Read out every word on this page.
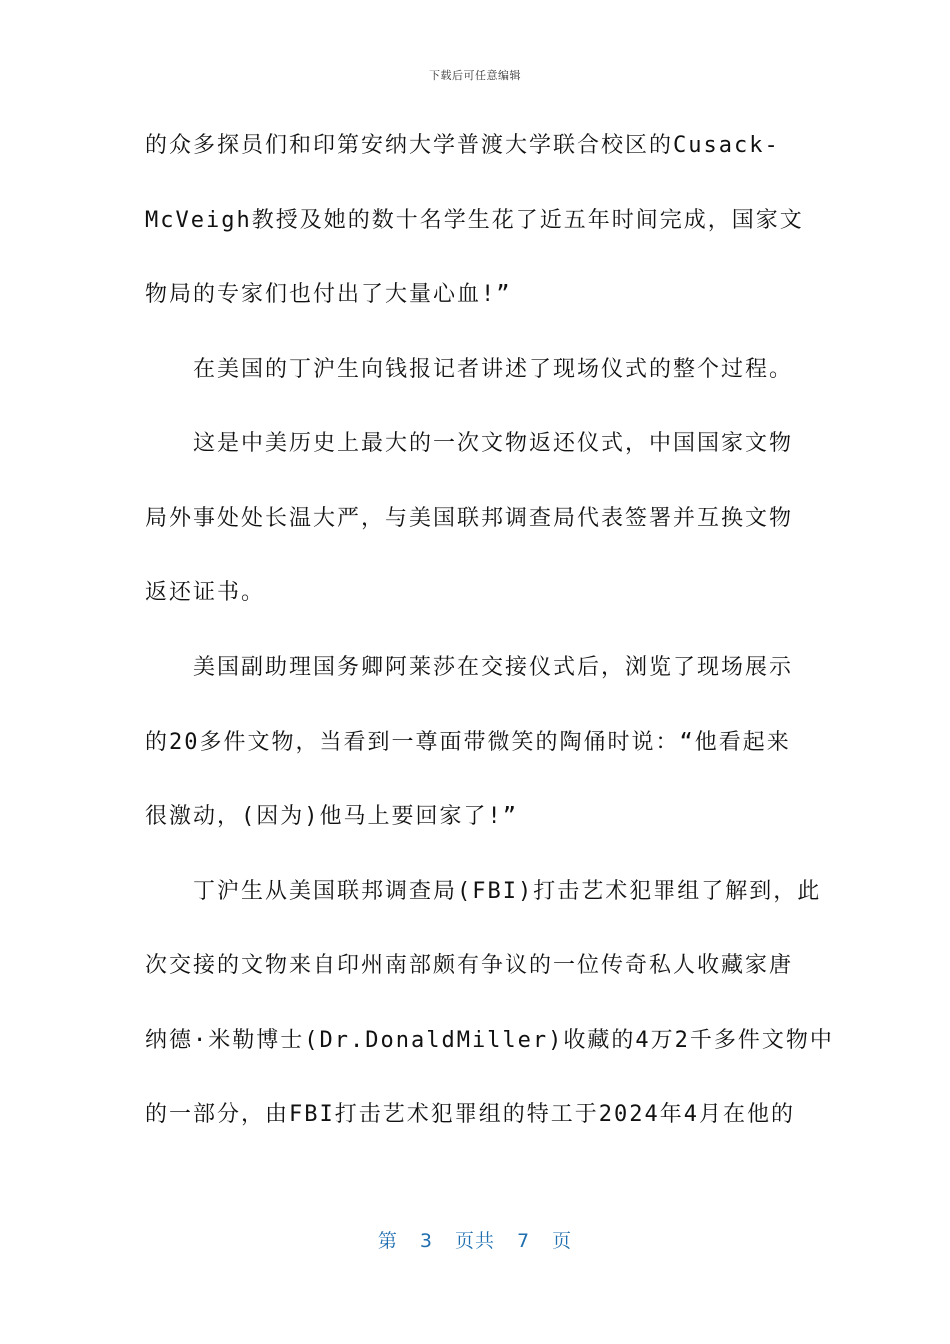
下载后可任意编辑
的众多探员们和印第安纳大学普渡大学联合校区的Cusack-
McVeigh教授及她的数十名学生花了近五年时间完成，国家文
物局的专家们也付出了大量心血!”
在美国的丁沪生向钱报记者讲述了现场仪式的整个过程。
这是中美历史上最大的一次文物返还仪式，中国国家文物
局外事处处长温大严，与美国联邦调查局代表签署并互换文物
返还证书。
美国副助理国务卿阿莱莎在交接仪式后，浏览了现场展示
的20多件文物，当看到一尊面带微笑的陶俑时说：“他看起来
很激动，(因为)他马上要回家了!”
丁沪生从美国联邦调查局(FBI)打击艺术犯罪组了解到，此
次交接的文物来自印州南部颇有争议的一位传奇私人收藏家唐
纳德·米勒博士(Dr.DonaldMiller)收藏的4万2千多件文物中
的一部分，由FBI打击艺术犯罪组的特工于2024年4月在他的
第 3 页共 7 页
